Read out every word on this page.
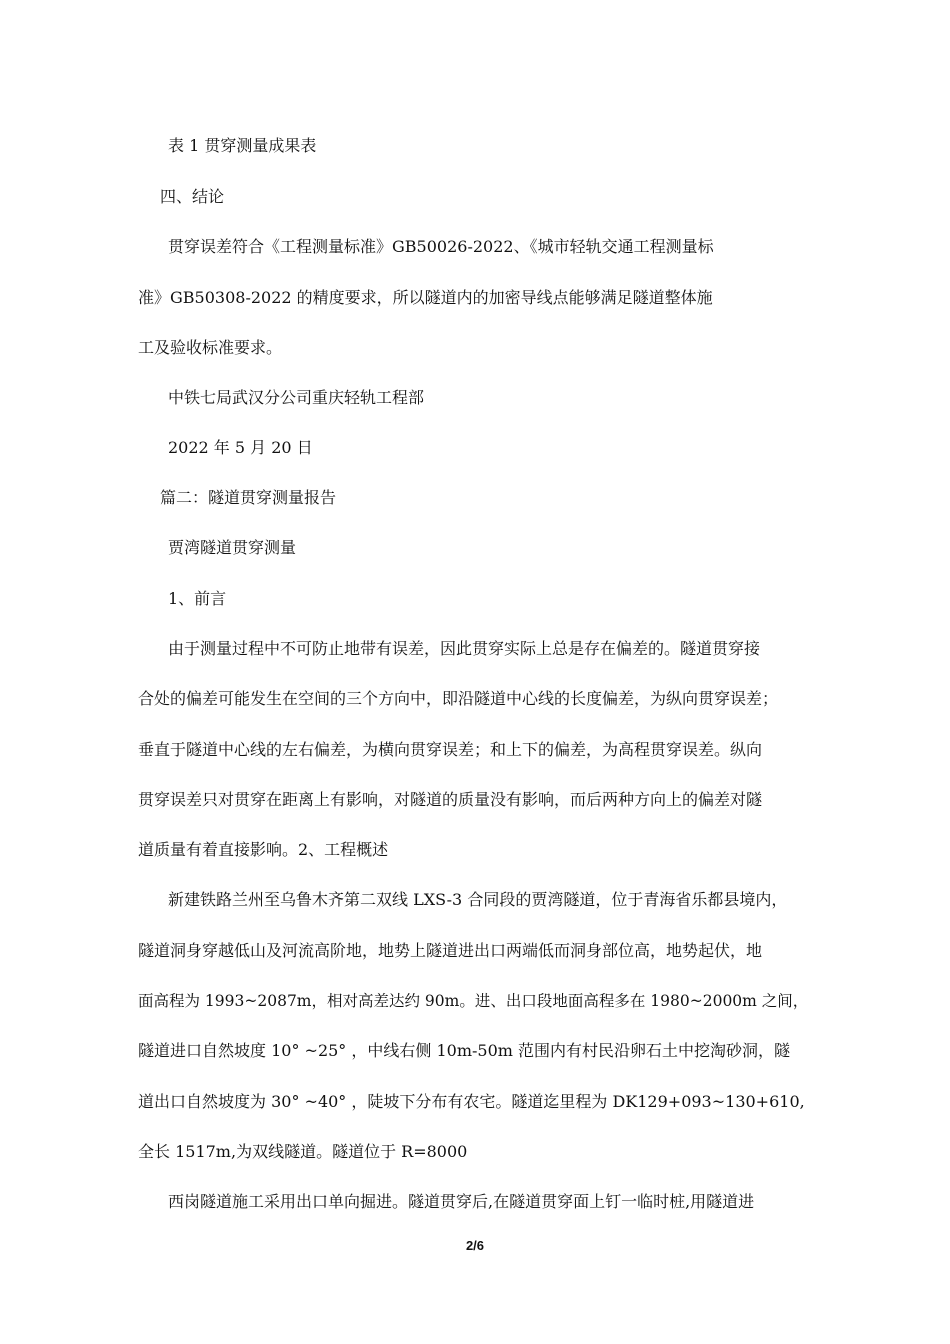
表 1 贯穿测量成果表
四、结论
贯穿误差符合《工程测量标准》GB50026-2022、《城市轻轨交通工程测量标
准》GB50308-2022 的精度要求，所以隧道内的加密导线点能够满足隧道整体施
工及验收标准要求。
中铁七局武汉分公司重庆轻轨工程部
2022 年 5 月 20 日
篇二：隧道贯穿测量报告
贾湾隧道贯穿测量
1、前言
由于测量过程中不可防止地带有误差，因此贯穿实际上总是存在偏差的。隧道贯穿接
合处的偏差可能发生在空间的三个方向中，即沿隧道中心线的长度偏差，为纵向贯穿误差；
垂直于隧道中心线的左右偏差，为横向贯穿误差；和上下的偏差，为高程贯穿误差。纵向
贯穿误差只对贯穿在距离上有影响，对隧道的质量没有影响，而后两种方向上的偏差对隧
道质量有着直接影响。2、工程概述
新建铁路兰州至乌鲁木齐第二双线 LXS-3 合同段的贾湾隧道，位于青海省乐都县境内，
隧道洞身穿越低山及河流高阶地，地势上隧道进出口两端低而洞身部位高，地势起伏，地
面高程为 1993~2087m，相对高差达约 90m。进、出口段地面高程多在 1980~2000m 之间，
隧道进口自然坡度 10° ~25° ，中线右侧 10m-50m 范围内有村民沿卵石土中挖淘砂洞，隧
道出口自然坡度为 30° ~40° ，陡坡下分布有农宅。隧道迄里程为 DK129+093~130+610,
全长 1517m,为双线隧道。隧道位于 R=8000
西岗隧道施工采用出口单向掘进。隧道贯穿后,在隧道贯穿面上钉一临时桩,用隧道进
2/6
